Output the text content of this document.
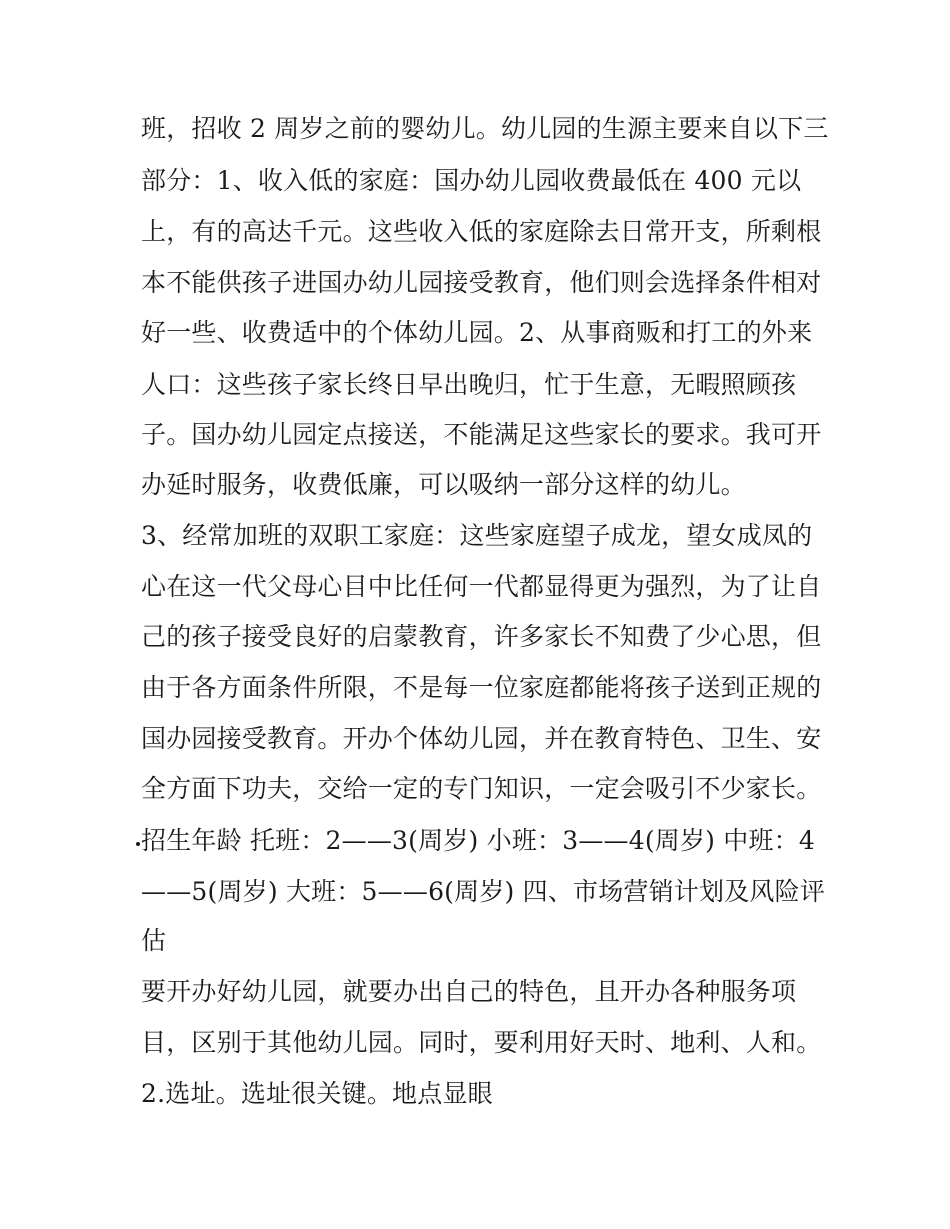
班，招收 2 周岁之前的婴幼儿。幼儿园的生源主要来自以下三
部分：1、收入低的家庭：国办幼儿园收费最低在 400 元以
上，有的高达千元。这些收入低的家庭除去日常开支，所剩根
本不能供孩子进国办幼儿园接受教育，他们则会选择条件相对
好一些、收费适中的个体幼儿园。2、从事商贩和打工的外来
人口：这些孩子家长终日早出晚归，忙于生意，无暇照顾孩
子。国办幼儿园定点接送，不能满足这些家长的要求。我可开
办延时服务，收费低廉，可以吸纳一部分这样的幼儿。
3、经常加班的双职工家庭：这些家庭望子成龙，望女成凤的
心在这一代父母心目中比任何一代都显得更为强烈，为了让自
己的孩子接受良好的启蒙教育，许多家长不知费了少心思，但
由于各方面条件所限，不是每一位家庭都能将孩子送到正规的
国办园接受教育。开办个体幼儿园，并在教育特色、卫生、安
全方面下功夫，交给一定的专门知识，一定会吸引不少家长。
招生年龄 托班：2——3(周岁) 小班：3——4(周岁) 中班：4
——5(周岁) 大班：5——6(周岁) 四、市场营销计划及风险评
估
要开办好幼儿园，就要办出自己的特色，且开办各种服务项
目，区别于其他幼儿园。同时，要利用好天时、地利、人和。
2.选址。选址很关键。地点显眼
